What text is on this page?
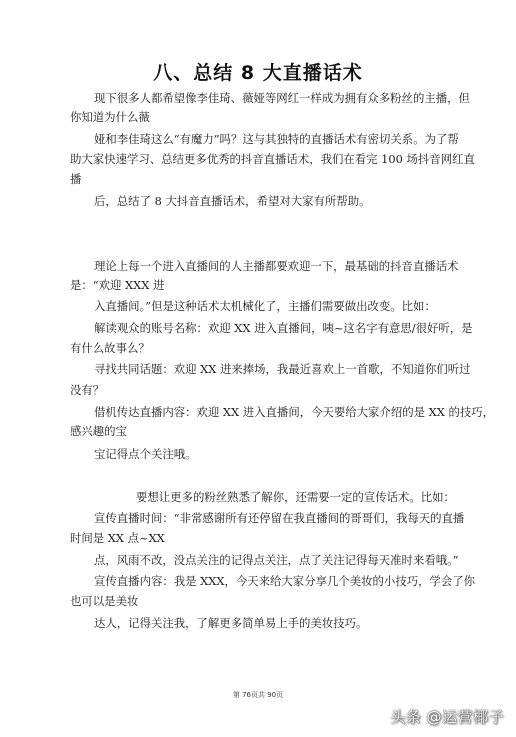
八、总结 8 大直播话术
现下很多人都希望像李佳琦、薇娅等网红一样成为拥有众多粉丝的主播，但
你知道为什么薇
娅和李佳琦这么“有魔力”吗？这与其独特的直播话术有密切关系。为了帮
助大家快速学习、总结更多优秀的抖音直播话术，我们在看完 100 场抖音网红直
播
后，总结了 8 大抖音直播话术，希望对大家有所帮助。
理论上每一个进入直播间的人主播都要欢迎一下，最基础的抖音直播话术
是：“欢迎 XXX 进
入直播间。”但是这种话术太机械化了，主播们需要做出改变。比如：
解读观众的账号名称：欢迎 XX 进入直播间，咦~这名字有意思/很好听，是
有什么故事么？
寻找共同话题：欢迎 XX 进来捧场，我最近喜欢上一首歌，不知道你们听过
没有？
借机传达直播内容：欢迎 XX 进入直播间，今天要给大家介绍的是 XX 的技巧，
感兴趣的宝
宝记得点个关注哦。
要想让更多的粉丝熟悉了解你，还需要一定的宣传话术。比如：
宣传直播时间：“非常感谢所有还停留在我直播间的哥哥们，我每天的直播
时间是 XX 点~XX
点，风雨不改，没点关注的记得点关注，点了关注记得每天准时来看哦。”
宣传直播内容：我是 XXX，今天来给大家分享几个美妆的小技巧，学会了你
也可以是美妆
达人，记得关注我，了解更多简单易上手的美妆技巧。
第 76页共 90页
头条 @运营椰子
